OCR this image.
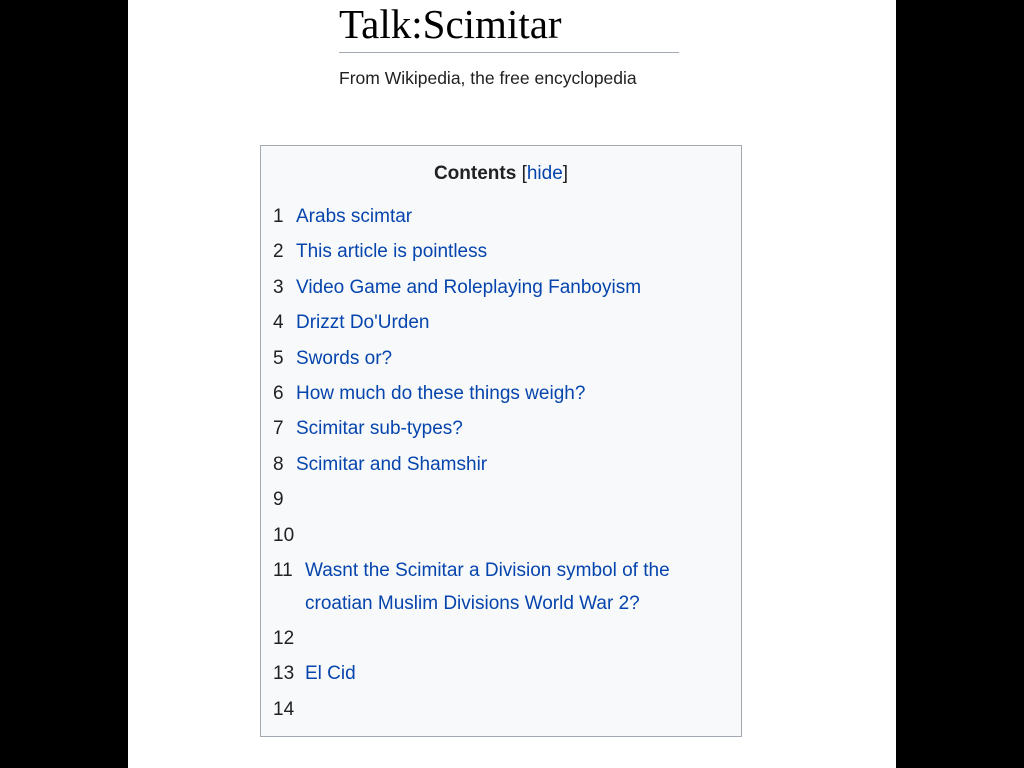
Talk:Scimitar
From Wikipedia, the free encyclopedia
Contents [hide]
1 Arabs scimtar
2 This article is pointless
3 Video Game and Roleplaying Fanboyism
4 Drizzt Do'Urden
5 Swords or?
6 How much do these things weigh?
7 Scimitar sub-types?
8 Scimitar and Shamshir
9
10
11 Wasnt the Scimitar a Division symbol of the croatian Muslim Divisions World War 2?
12
13 El Cid
14
